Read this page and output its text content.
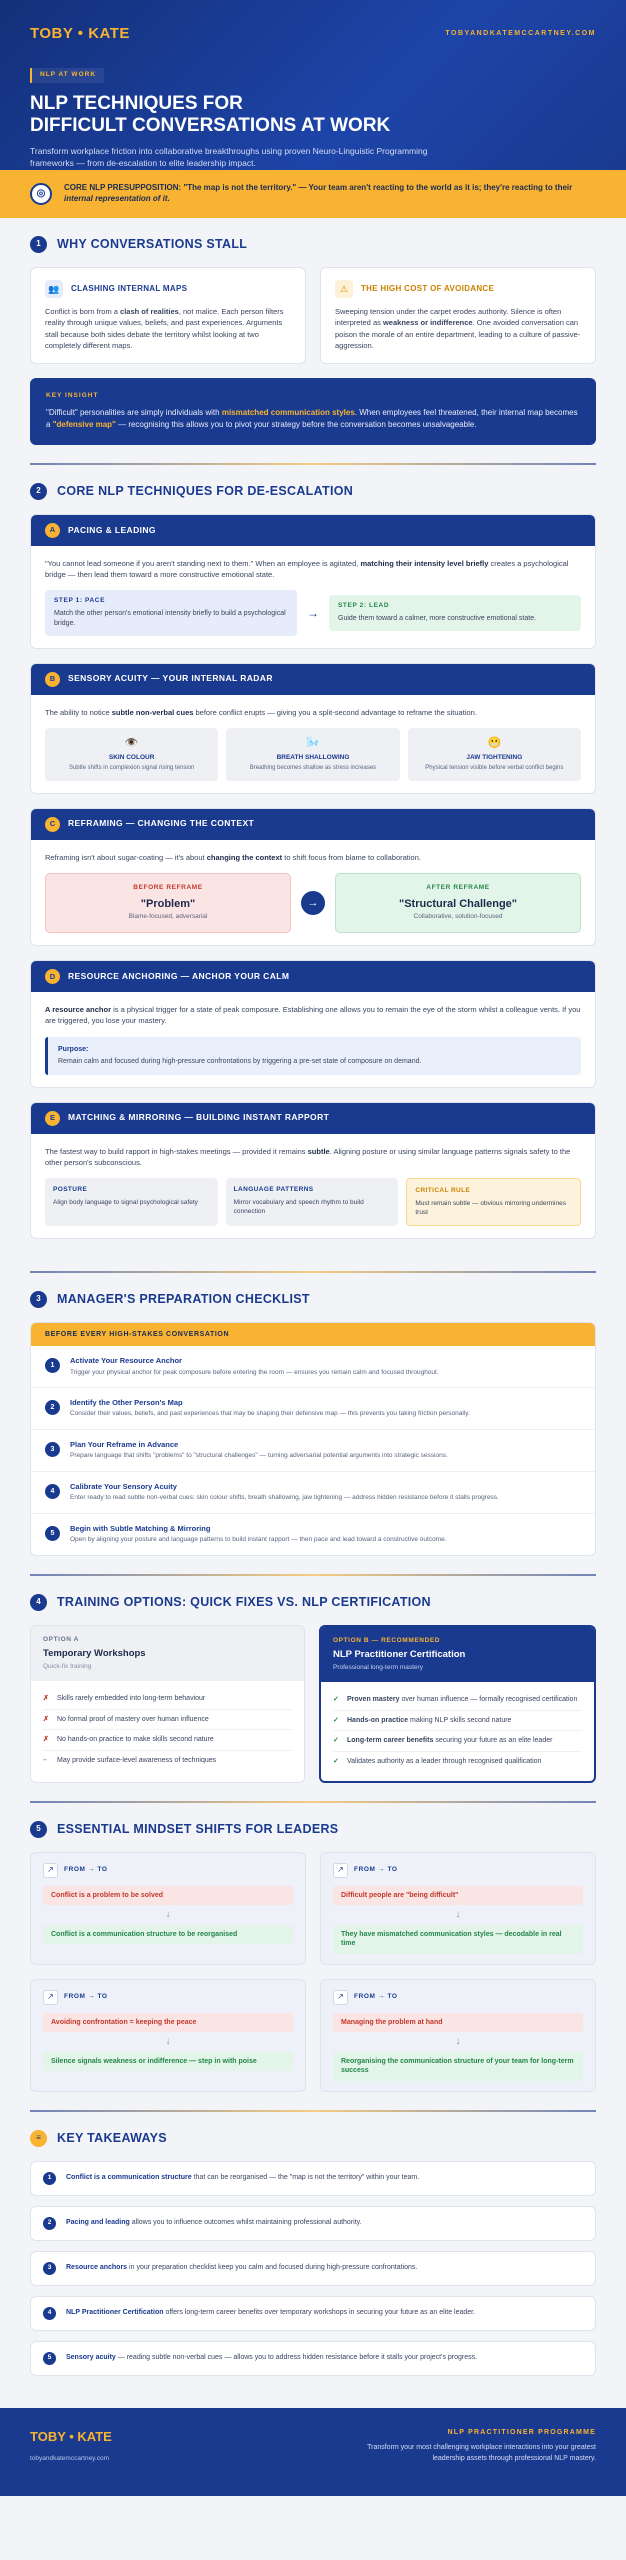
TOBY • KATE	TOBYANDKATEMCCARTNEY.COM
NLP AT WORK
NLP TECHNIQUES FOR
DIFFICULT CONVERSATIONS AT WORK
Transform workplace friction into collaborative breakthroughs using proven Neuro-Linguistic Programming frameworks — from de-escalation to elite leadership impact.
◎
CORE NLP PRESUPPOSITION: "The map is not the territory." — Your team aren't reacting to the world as it is; they're reacting to their internal representation of it.
1	WHY CONVERSATIONS STALL
👥	CLASHING INTERNAL MAPS

Conflict is born from a clash of realities, not malice. Each person filters reality through unique values, beliefs, and past experiences. Arguments stall because both sides debate the territory whilst looking at two completely different maps.

⚠	THE HIGH COST OF AVOIDANCE

Sweeping tension under the carpet erodes authority. Silence is often interpreted as weakness or indifference. One avoided conversation can poison the morale of an entire department, leading to a culture of passive-aggression.

KEY INSIGHT

"Difficult" personalities are simply individuals with mismatched communication styles. When employees feel threatened, their internal map becomes a "defensive map" — recognising this allows you to pivot your strategy before the conversation becomes unsalvageable.

2	CORE NLP TECHNIQUES FOR DE-ESCALATION
A	PACING & LEADING

"You cannot lead someone if you aren't standing next to them." When an employee is agitated, matching their intensity level briefly creates a psychological bridge — then lead them toward a more constructive emotional state.

STEP 1: PACE
Match the other person's emotional intensity briefly to build a psychological bridge.
→
STEP 2: LEAD
Guide them toward a calmer, more constructive emotional state.
B	SENSORY ACUITY — YOUR INTERNAL RADAR

The ability to notice subtle non-verbal cues before conflict erupts — giving you a split-second advantage to reframe the situation.

👁️
SKIN COLOUR
Subtle shifts in complexion signal rising tension
🌬️
BREATH SHALLOWING
Breathing becomes shallow as stress increases
😬
JAW TIGHTENING
Physical tension visible before verbal conflict begins
C	REFRAMING — CHANGING THE CONTEXT

Reframing isn't about sugar-coating — it's about changing the context to shift focus from blame to collaboration.

BEFORE REFRAME
"Problem"
Blame-focused, adversarial
→
AFTER REFRAME
"Structural Challenge"
Collaborative, solution-focused
D	RESOURCE ANCHORING — ANCHOR YOUR CALM

A resource anchor is a physical trigger for a state of peak composure. Establishing one allows you to remain the eye of the storm whilst a colleague vents. If you are triggered, you lose your mastery.

Purpose:
Remain calm and focused during high-pressure confrontations by triggering a pre-set state of composure on demand.
E	MATCHING & MIRRORING — BUILDING INSTANT RAPPORT

The fastest way to build rapport in high-stakes meetings — provided it remains subtle. Aligning posture or using similar language patterns signals safety to the other person's subconscious.

POSTURE
Align body language to signal psychological safety
LANGUAGE PATTERNS
Mirror vocabulary and speech rhythm to build connection
CRITICAL RULE
Must remain subtle — obvious mirroring undermines trust
3	MANAGER'S PREPARATION CHECKLIST
BEFORE EVERY HIGH-STAKES CONVERSATION
1
Activate Your Resource Anchor
Trigger your physical anchor for peak composure before entering the room — ensures you remain calm and focused throughout.
2
Identify the Other Person's Map
Consider their values, beliefs, and past experiences that may be shaping their defensive map — this prevents you taking friction personally.
3
Plan Your Reframe in Advance
Prepare language that shifts "problems" to "structural challenges" — turning adversarial potential arguments into strategic sessions.
4
Calibrate Your Sensory Acuity
Enter ready to read subtle non-verbal cues: skin colour shifts, breath shallowing, jaw tightening — address hidden resistance before it stalls progress.
5
Begin with Subtle Matching & Mirroring
Open by aligning your posture and language patterns to build instant rapport — then pace and lead toward a constructive outcome.
4	TRAINING OPTIONS: QUICK FIXES VS. NLP CERTIFICATION
OPTION A
Temporary Workshops
Quick-fix training
✗	Skills rarely embedded into long-term behaviour
✗	No formal proof of mastery over human influence
✗	No hands-on practice to make skills second nature
–	May provide surface-level awareness of techniques
OPTION B — RECOMMENDED
NLP Practitioner Certification
Professional long-term mastery
✓	Proven mastery over human influence — formally recognised certification
✓	Hands-on practice making NLP skills second nature
✓	Long-term career benefits securing your future as an elite leader
✓	Validates authority as a leader through recognised qualification
5	ESSENTIAL MINDSET SHIFTS FOR LEADERS
↗	FROM → TO
Conflict is a problem to be solved
↓
Conflict is a communication structure to be reorganised
↗	FROM → TO
Difficult people are "being difficult"
↓
They have mismatched communication styles — decodable in real time
↗	FROM → TO
Avoiding confrontation = keeping the peace
↓
Silence signals weakness or indifference — step in with poise
↗	FROM → TO
Managing the problem at hand
↓
Reorganising the communication structure of your team for long-term success
≡	KEY TAKEAWAYS
1	Conflict is a communication structure that can be reorganised — the "map is not the territory" within your team.
2	Pacing and leading allows you to influence outcomes whilst maintaining professional authority.
3	Resource anchors in your preparation checklist keep you calm and focused during high-pressure confrontations.
4	NLP Practitioner Certification offers long-term career benefits over temporary workshops in securing your future as an elite leader.
5	Sensory acuity — reading subtle non-verbal cues — allows you to address hidden resistance before it stalls your project's progress.
TOBY • KATE
tobyandkatemccartney.com
NLP PRACTITIONER PROGRAMME
Transform your most challenging workplace interactions into your greatest leadership assets through professional NLP mastery.
